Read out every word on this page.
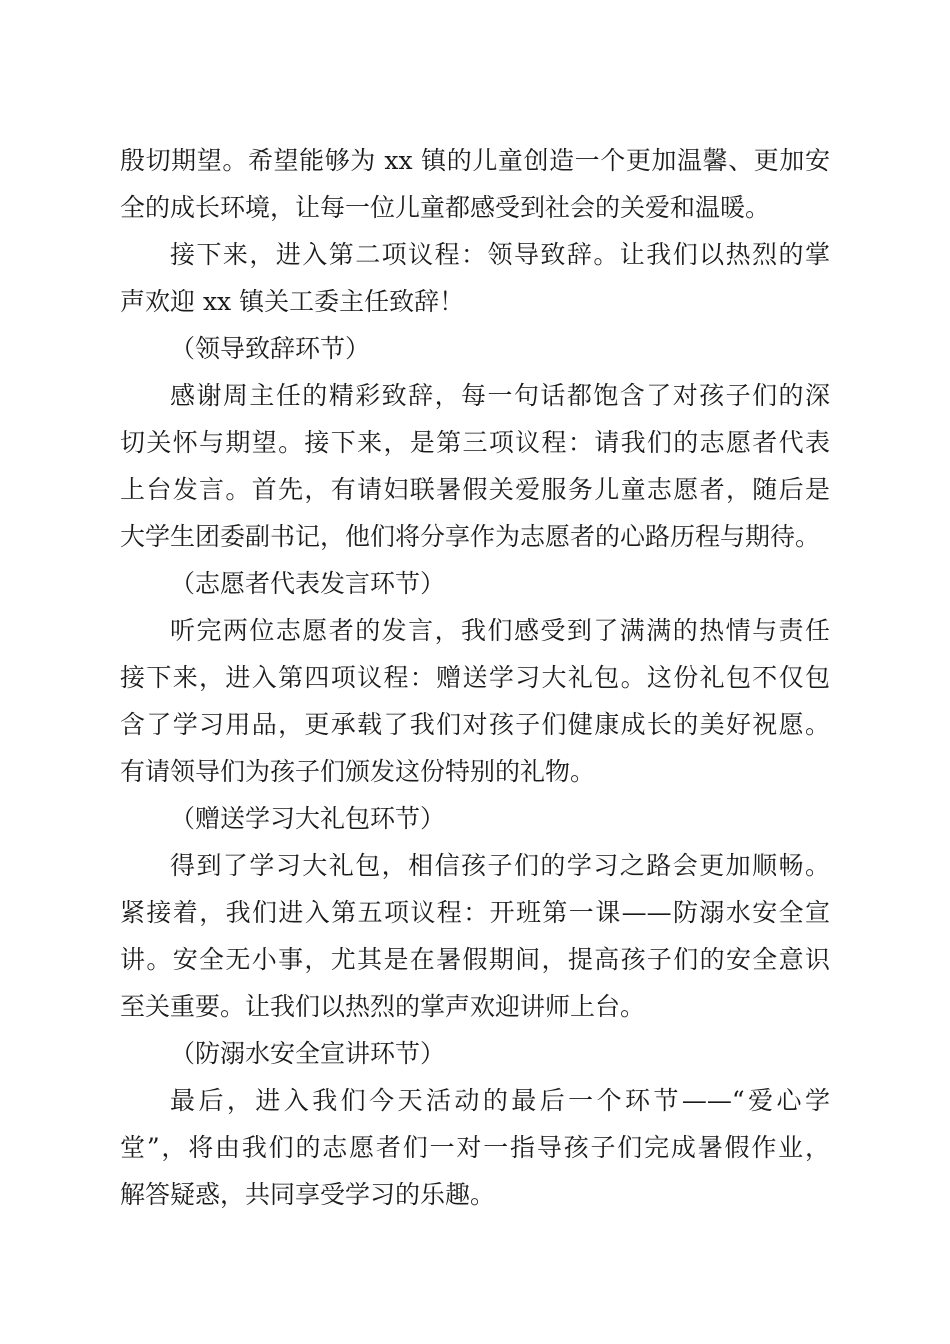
殷切期望。希望能够为 xx 镇的儿童创造一个更加温馨、更加安
全的成长环境，让每一位儿童都感受到社会的关爱和温暖。
接下来，进入第二项议程：领导致辞。让我们以热烈的掌
声欢迎 xx 镇关工委主任致辞！
（领导致辞环节）
感谢周主任的精彩致辞，每一句话都饱含了对孩子们的深
切关怀与期望。接下来，是第三项议程：请我们的志愿者代表
上台发言。首先，有请妇联暑假关爱服务儿童志愿者，随后是
大学生团委副书记，他们将分享作为志愿者的心路历程与期待。
（志愿者代表发言环节）
听完两位志愿者的发言，我们感受到了满满的热情与责任
接下来，进入第四项议程：赠送学习大礼包。这份礼包不仅包
含了学习用品，更承载了我们对孩子们健康成长的美好祝愿。
有请领导们为孩子们颁发这份特别的礼物。
（赠送学习大礼包环节）
得到了学习大礼包，相信孩子们的学习之路会更加顺畅。
紧接着，我们进入第五项议程：开班第一课——防溺水安全宣
讲。安全无小事，尤其是在暑假期间，提高孩子们的安全意识
至关重要。让我们以热烈的掌声欢迎讲师上台。
（防溺水安全宣讲环节）
最后，进入我们今天活动的最后一个环节——“爱心学
堂”，将由我们的志愿者们一对一指导孩子们完成暑假作业，
解答疑惑，共同享受学习的乐趣。
